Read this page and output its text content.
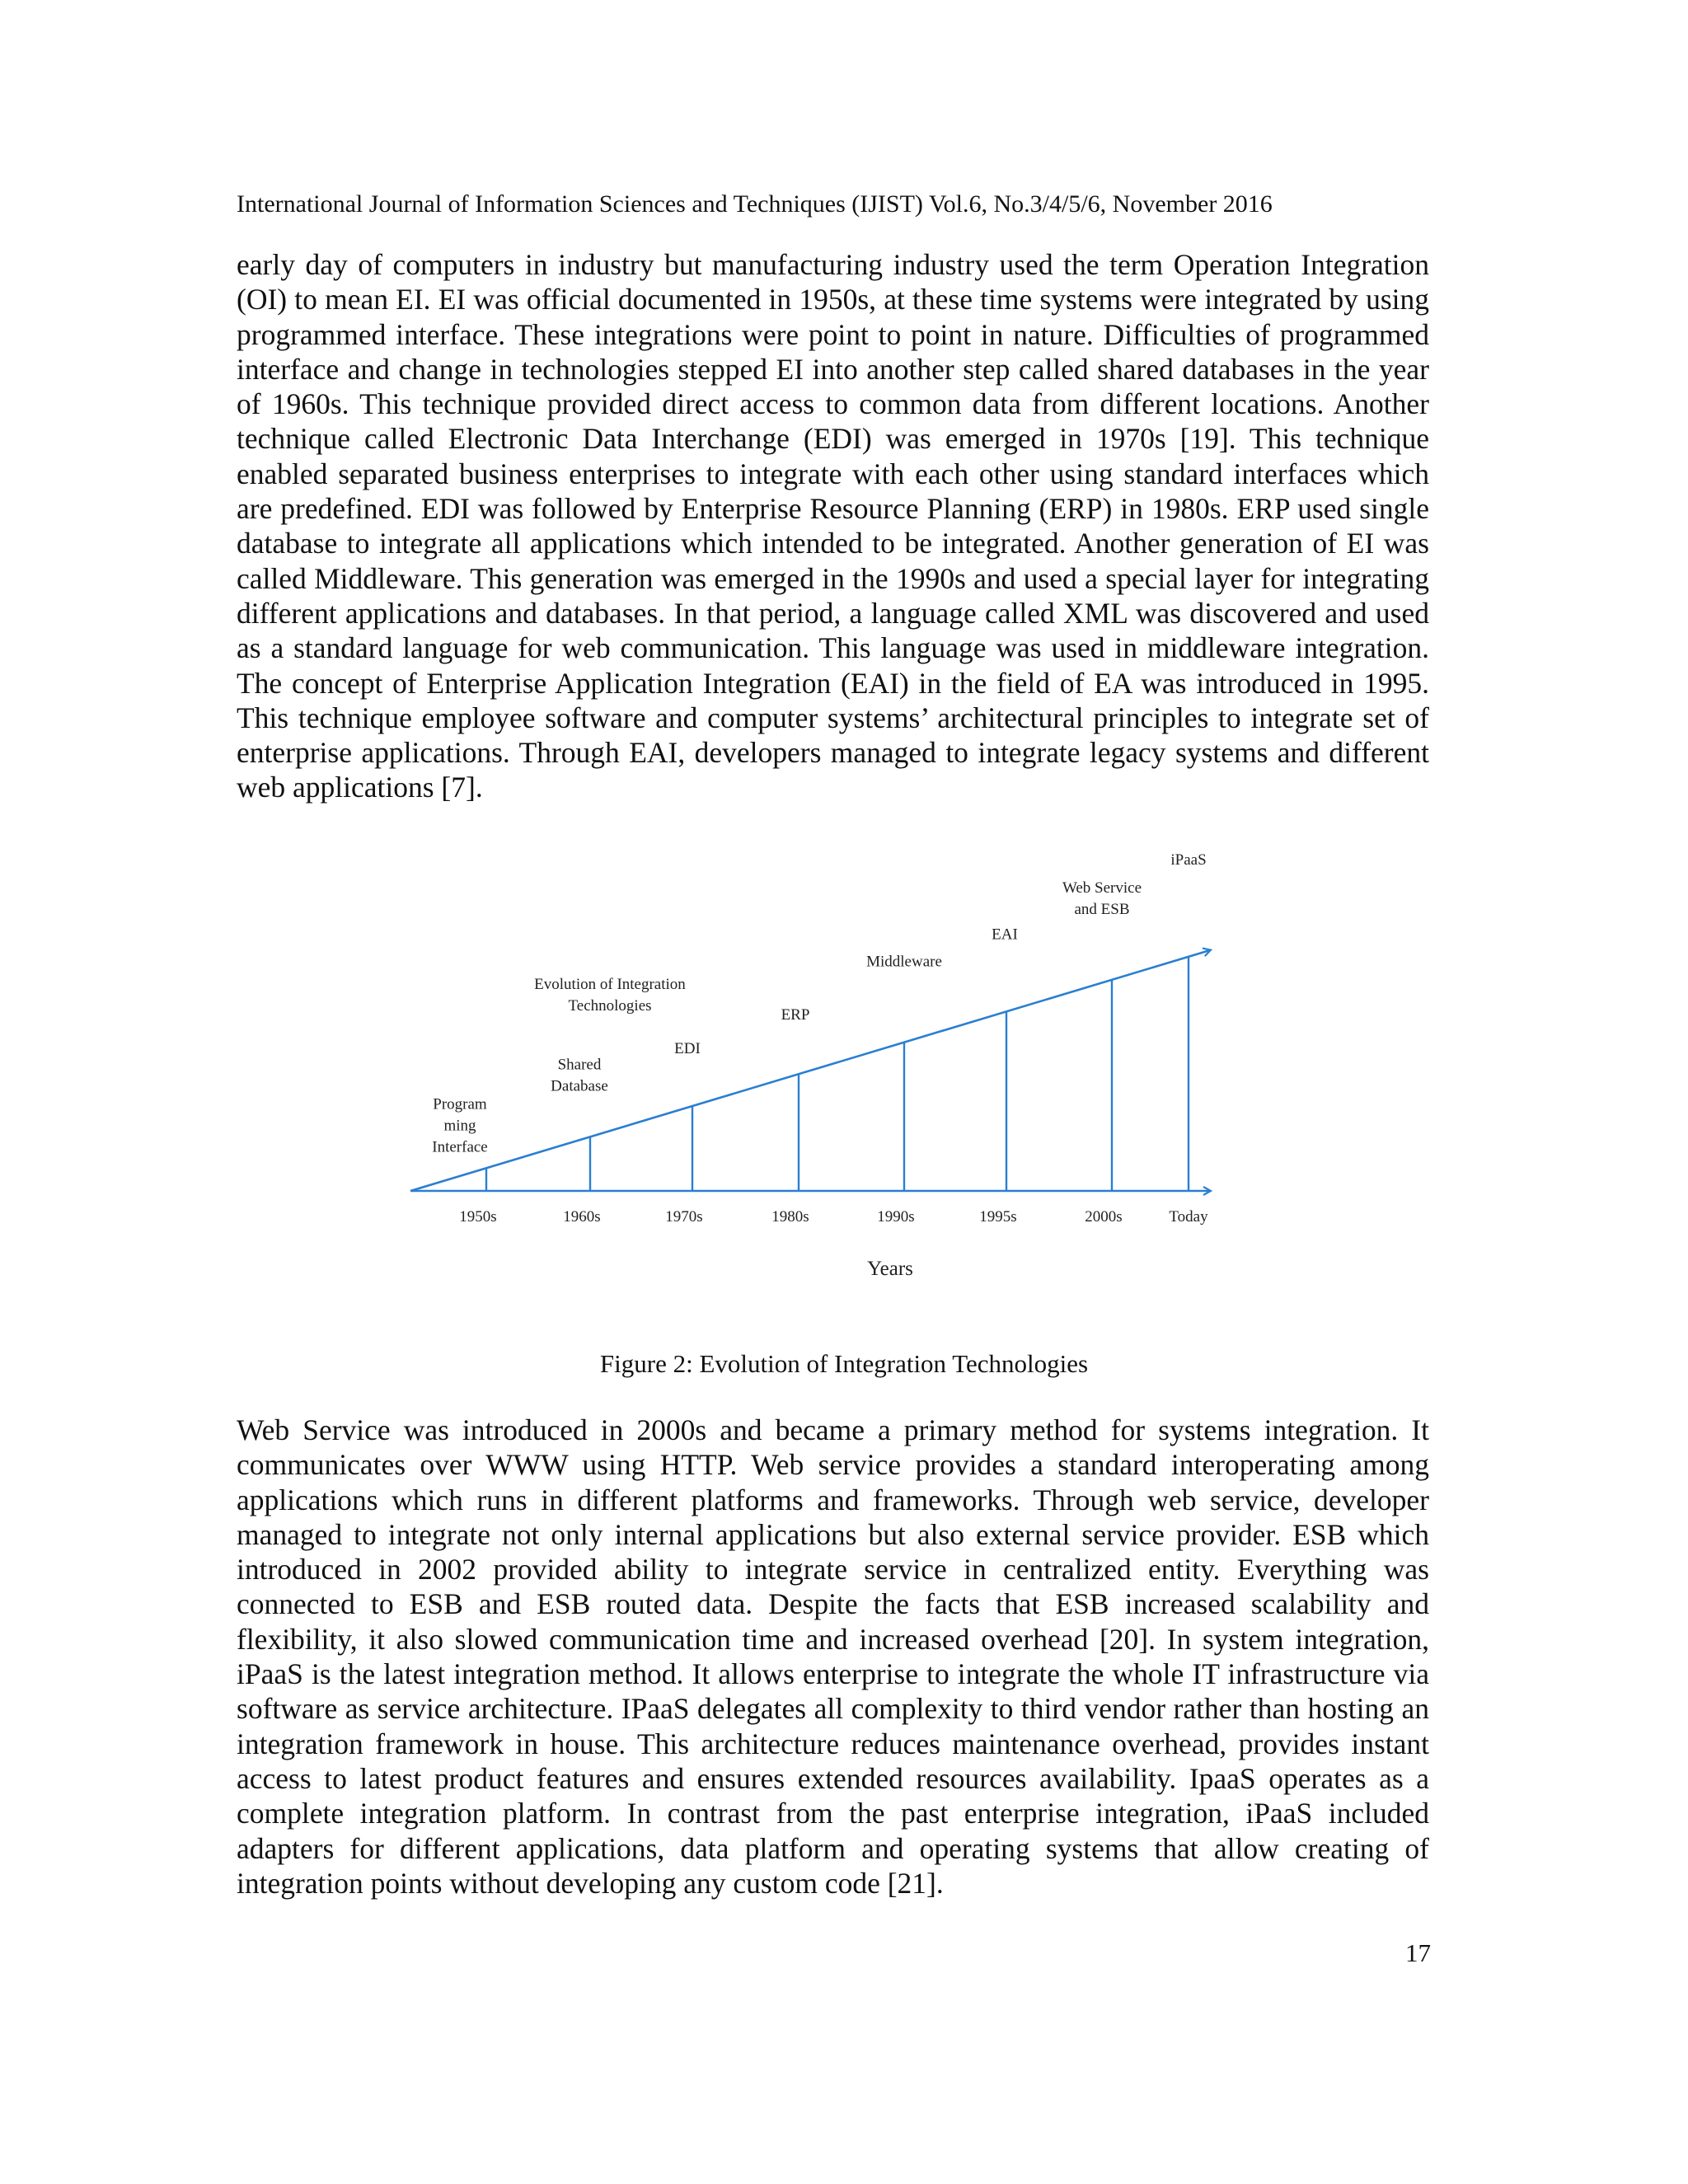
International Journal of Information Sciences and Techniques (IJIST) Vol.6, No.3/4/5/6, November 2016

early day of computers in industry but manufacturing industry used the term Operation Integration (OI) to mean EI. EI was official documented in 1950s, at these time systems were integrated by using programmed interface. These integrations were point to point in nature. Difficulties of programmed interface and change in technologies stepped EI into another step called shared databases in the year of 1960s. This technique provided direct access to common data from different locations. Another technique called Electronic Data Interchange (EDI) was emerged in 1970s [19]. This technique enabled separated business enterprises to integrate with each other using standard interfaces which are predefined. EDI was followed by Enterprise Resource Planning (ERP) in 1980s. ERP used single database to integrate all applications which intended to be integrated. Another generation of EI was called Middleware. This generation was emerged in the 1990s and used a special layer for integrating different applications and databases. In that period, a language called XML was discovered and used as a standard language for web communication. This language was used in middleware integration. The concept of Enterprise Application Integration (EAI) in the field of EA was introduced in 1995. This technique employee software and computer systems’ architectural principles to integrate set of enterprise applications. Through EAI, developers managed to integrate legacy systems and different web applications [7].

Evolution of Integration Technologies
Program ming Interface
Shared Database
EDI
ERP
Middleware
EAI
Web Service and ESB
iPaaS
1950s	1960s	1970s	1980s	1990s	1995s	2000s	Today
Years
Figure 2: Evolution of Integration Technologies

Web Service was introduced in 2000s and became a primary method for systems integration. It communicates over WWW using HTTP. Web service provides a standard interoperating among applications which runs in different platforms and frameworks. Through web service, developer managed to integrate not only internal applications but also external service provider. ESB which introduced in 2002 provided ability to integrate service in centralized entity. Everything was connected to ESB and ESB routed data. Despite the facts that ESB increased scalability and flexibility, it also slowed communication time and increased overhead [20]. In system integration, iPaaS is the latest integration method. It allows enterprise to integrate the whole IT infrastructure via software as service architecture. IPaaS delegates all complexity to third vendor rather than hosting an integration framework in house. This architecture reduces maintenance overhead, provides instant access to latest product features and ensures extended resources availability. IpaaS operates as a complete integration platform. In contrast from the past enterprise integration, iPaaS included adapters for different applications, data platform and operating systems that allow creating of integration points without developing any custom code [21].

17
